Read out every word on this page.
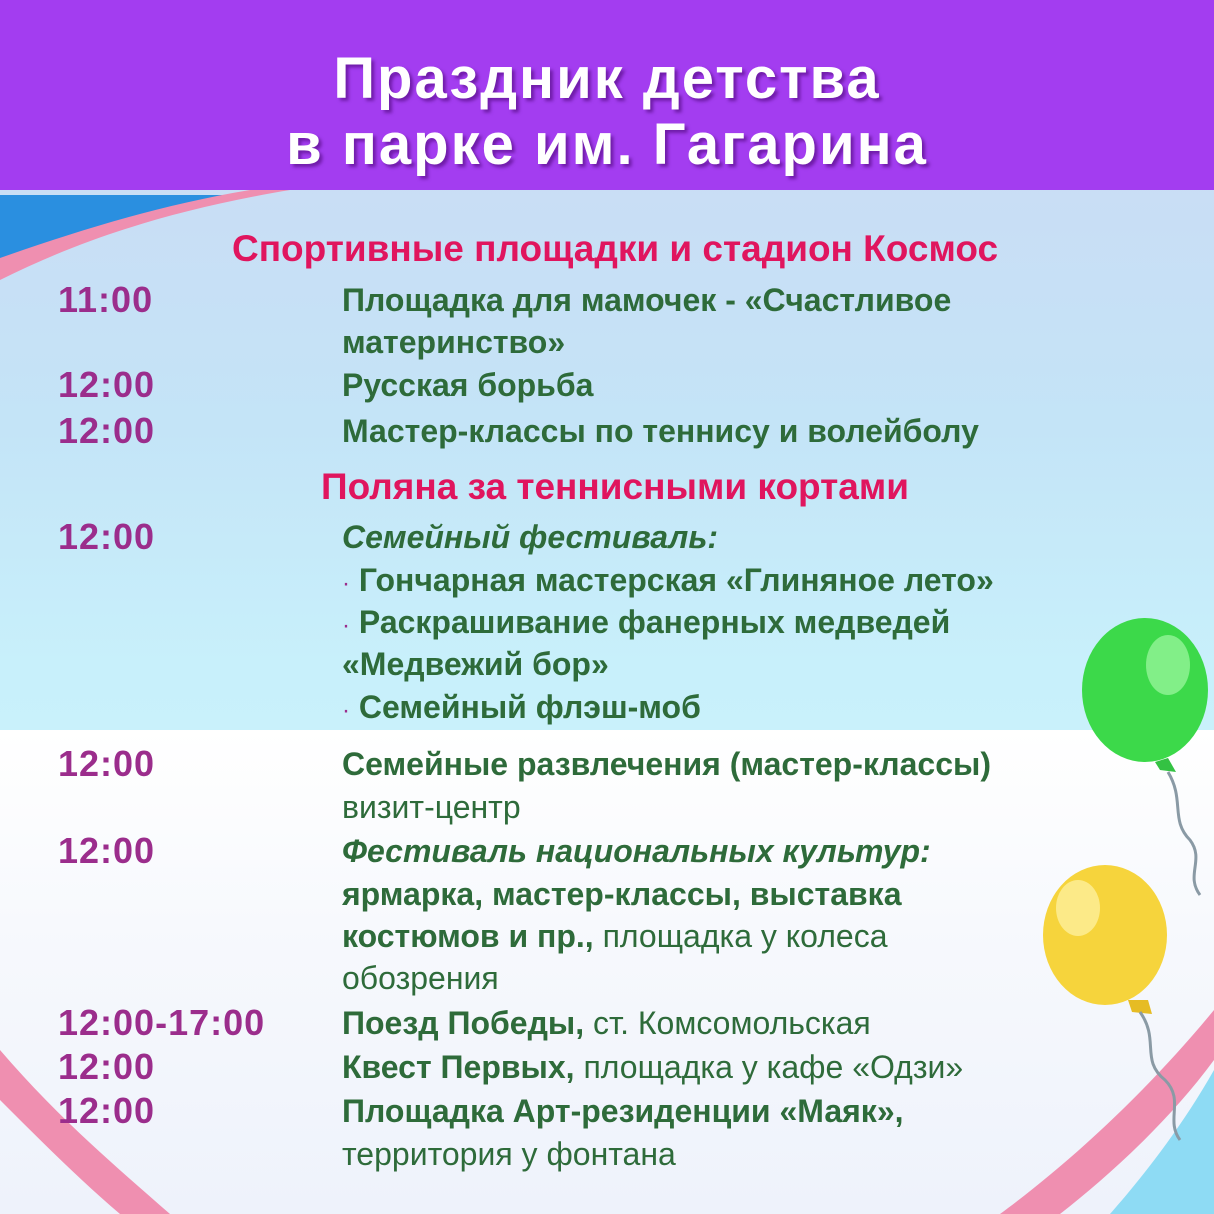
Праздник детства
в парке им. Гагарина
Спортивные площадки и стадион Космос
11:00	Площадка для мамочек - «Счастливое
материнство»
12:00	Русская борьба
12:00	Мастер-классы по теннису и волейболу
Поляна за теннисными кортами
12:00	Семейный фестиваль:
· Гончарная мастерская «Глиняное лето»
· Раскрашивание фанерных медведей
«Медвежий бор»
· Семейный флэш-моб
12:00	Семейные развлечения (мастер-классы)
визит-центр
12:00	Фестиваль национальных культур:
ярмарка, мастер-классы, выставка
костюмов и пр., площадка у колеса
обозрения
12:00-17:00 Поезд Победы, ст. Комсомольская
12:00	Квест Первых, площадка у кафе «Одзи»
12:00	Площадка Арт-резиденции «Маяк»,
территория у фонтана
